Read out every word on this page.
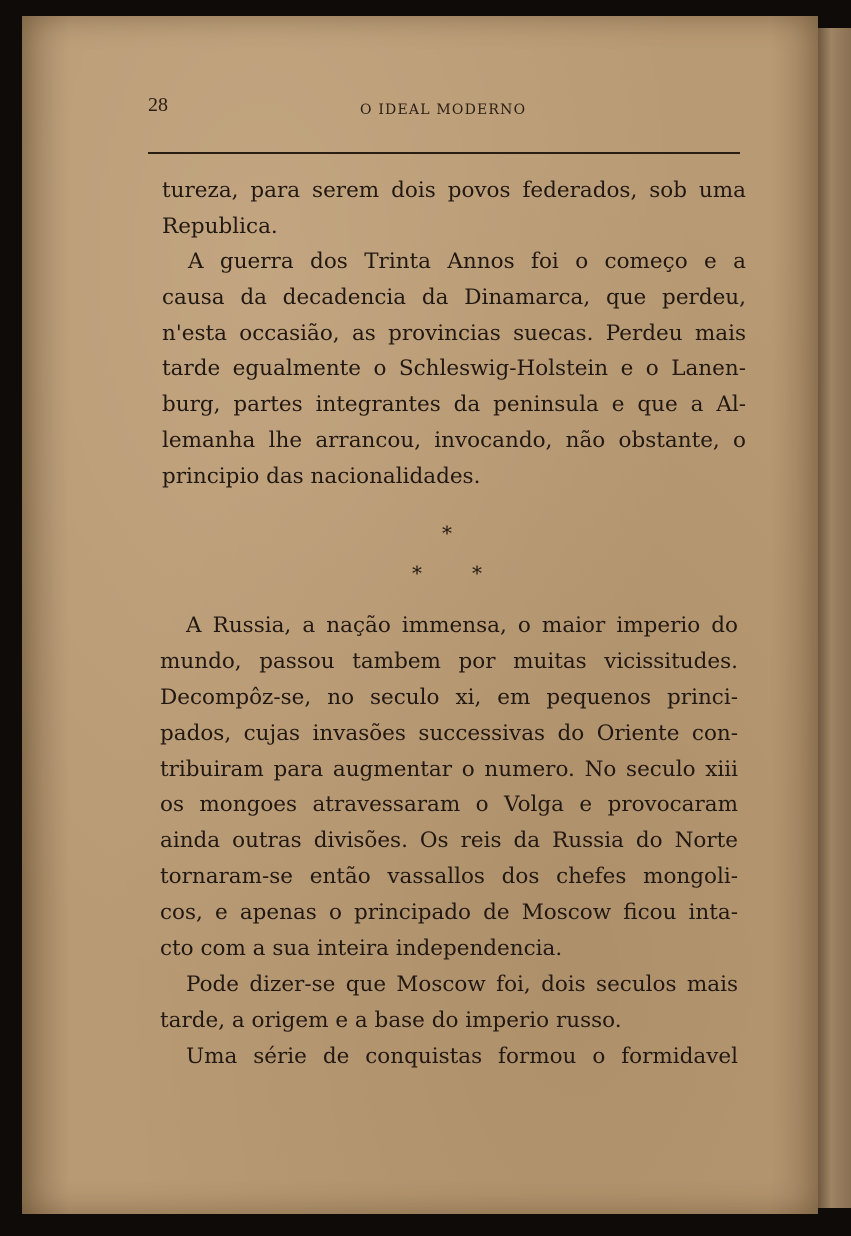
28	O IDEAL MODERNO
tureza, para serem dois povos federados, sob uma
Republica.
A guerra dos Trinta Annos foi o começo e a
causa da decadencia da Dinamarca, que perdeu,
n'esta occasião, as provincias suecas. Perdeu mais
tarde egualmente o Schleswig-Holstein e o Lanen-
burg, partes integrantes da peninsula e que a Al-
lemanha lhe arrancou, invocando, não obstante, o
principio das nacionalidades.
*
*	*
A Russia, a nação immensa, o maior imperio do
mundo, passou tambem por muitas vicissitudes.
Decompôz-se, no seculo xi, em pequenos princi-
pados, cujas invasões successivas do Oriente con-
tribuiram para augmentar o numero. No seculo xiii
os mongoes atravessaram o Volga e provocaram
ainda outras divisões. Os reis da Russia do Norte
tornaram-se então vassallos dos chefes mongoli-
cos, e apenas o principado de Moscow ficou inta-
cto com a sua inteira independencia.
Pode dizer-se que Moscow foi, dois seculos mais
tarde, a origem e a base do imperio russo.
Uma série de conquistas formou o formidavel
